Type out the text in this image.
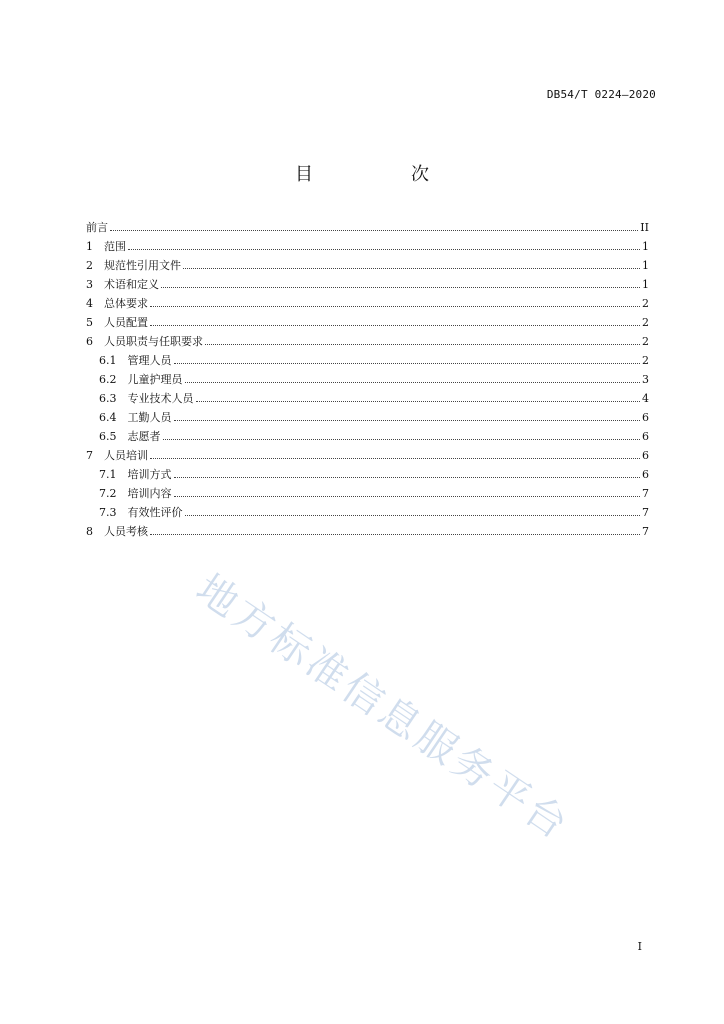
DB54/T 0224—2020
目　次
前言	II
1　范围	1
2　规范性引用文件	1
3　术语和定义	1
4　总体要求	2
5　人员配置	2
6　人员职责与任职要求	2
6.1　管理人员	2
6.2　儿童护理员	3
6.3　专业技术人员	4
6.4　工勤人员	6
6.5　志愿者	6
7　人员培训	6
7.1　培训方式	6
7.2　培训内容	7
7.3　有效性评价	7
8　人员考核	7
地方标准信息服务平台
I
